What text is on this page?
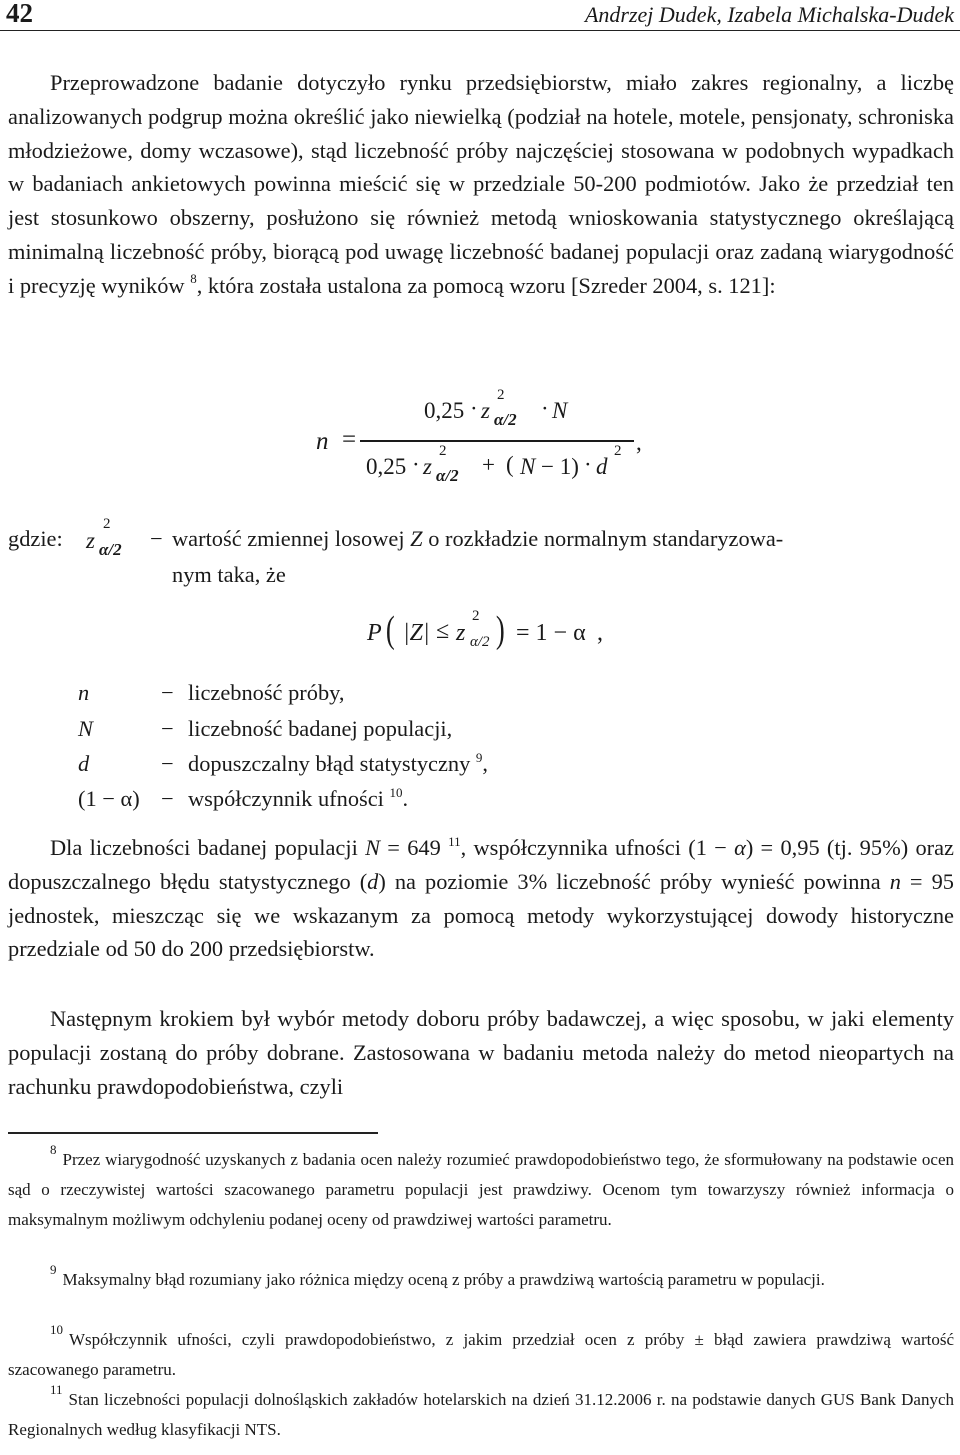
42	Andrzej Dudek, Izabela Michalska-Dudek

Przeprowadzone badanie dotyczyło rynku przedsiębiorstw, miało zakres regionalny, a liczbę analizowanych podgrup można określić jako niewielką (podział na hotele, motele, pensjonaty, schroniska młodzieżowe, domy wczasowe), stąd liczebność próby najczęściej stosowana w podobnych wypadkach w badaniach ankietowych powinna mieścić się w przedziale 50-200 podmiotów. Jako że przedział ten jest stosunkowo obszerny, posłużono się również metodą wnioskowania statystycznego określającą minimalną liczebność próby, biorącą pod uwagę liczebność badanej populacji oraz zadaną wiarygodność i precyzję wyników $^8$, która została ustalona za pomocą wzoru [Szreder 2004, s. 121]:

n =
0,25 · z
2
α/2 · N
0,25 · z
2
α/2 + ( N − 1) · d
2 ,
gdzie: z
2
α/2 − wartość zmiennej losowej Z o rozkładzie normalnym standaryzowa-
nym taka, że
P ( |Z| ≤ z
2
α/2 ) = 1 − α ,
n	− liczebność próby,
N	− liczebność badanej populacji,
d	− dopuszczalny błąd statystyczny $^9$,
(1 − α) − współczynnik ufności $^{10}$.

Dla liczebności badanej populacji N = 649 $^{11}$, współczynnika ufności (1 − α) = 0,95 (tj. 95%) oraz dopuszczalnego błędu statystycznego (d) na poziomie 3% liczebność próby wynieść powinna n = 95 jednostek, mieszcząc się we wskazanym za pomocą metody wykorzystującej dowody historyczne przedziale od 50 do 200 przedsiębiorstw.

Następnym krokiem był wybór metody doboru próby badawczej, a więc sposobu, w jaki elementy populacji zostaną do próby dobrane. Zastosowana w badaniu metoda należy do metod nieopartych na rachunku prawdopodobieństwa, czyli

$^8$Przez wiarygodność uzyskanych z badania ocen należy rozumieć prawdopodobieństwo tego, że sformułowany na podstawie ocen sąd o rzeczywistej wartości szacowanego parametru populacji jest prawdziwy. Ocenom tym towarzyszy również informacja o maksymalnym możliwym odchyleniu podanej oceny od prawdziwej wartości parametru.

$^9$Maksymalny błąd rozumiany jako różnica między oceną z próby a prawdziwą wartością parametru w populacji.

$^{10}$Współczynnik ufności, czyli prawdopodobieństwo, z jakim przedział ocen z próby ± błąd zawiera prawdziwą wartość szacowanego parametru.

$^{11}$Stan liczebności populacji dolnośląskich zakładów hotelarskich na dzień 31.12.2006 r. na podstawie danych GUS Bank Danych Regionalnych według klasyfikacji NTS.
